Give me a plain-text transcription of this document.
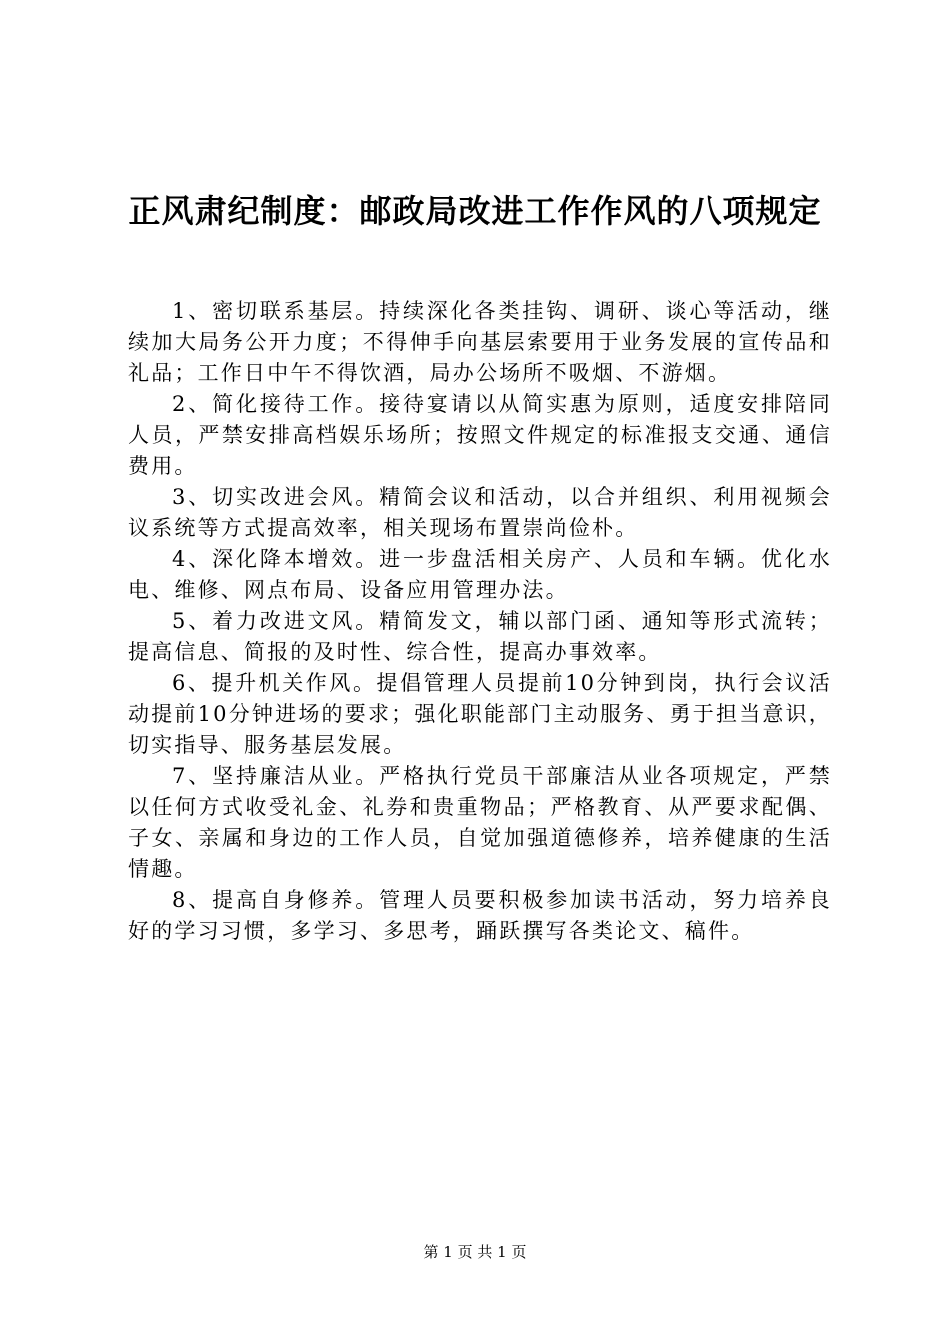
正风肃纪制度：邮政局改进工作作风的八项规定

1、密切联系基层。持续深化各类挂钩、调研、谈心等活动，继续加大局务公开力度；不得伸手向基层索要用于业务发展的宣传品和礼品；工作日中午不得饮酒，局办公场所不吸烟、不游烟。

2、简化接待工作。接待宴请以从简实惠为原则，适度安排陪同人员，严禁安排高档娱乐场所；按照文件规定的标准报支交通、通信费用。

3、切实改进会风。精简会议和活动，以合并组织、利用视频会议系统等方式提高效率，相关现场布置崇尚俭朴。

4、深化降本增效。进一步盘活相关房产、人员和车辆。优化水电、维修、网点布局、设备应用管理办法。

5、着力改进文风。精简发文，辅以部门函、通知等形式流转；提高信息、简报的及时性、综合性，提高办事效率。

6、提升机关作风。提倡管理人员提前10分钟到岗，执行会议活动提前10分钟进场的要求；强化职能部门主动服务、勇于担当意识，切实指导、服务基层发展。

7、坚持廉洁从业。严格执行党员干部廉洁从业各项规定，严禁以任何方式收受礼金、礼券和贵重物品；严格教育、从严要求配偶、子女、亲属和身边的工作人员，自觉加强道德修养，培养健康的生活情趣。

8、提高自身修养。管理人员要积极参加读书活动，努力培养良好的学习习惯，多学习、多思考，踊跃撰写各类论文、稿件。

第 1 页 共 1 页
